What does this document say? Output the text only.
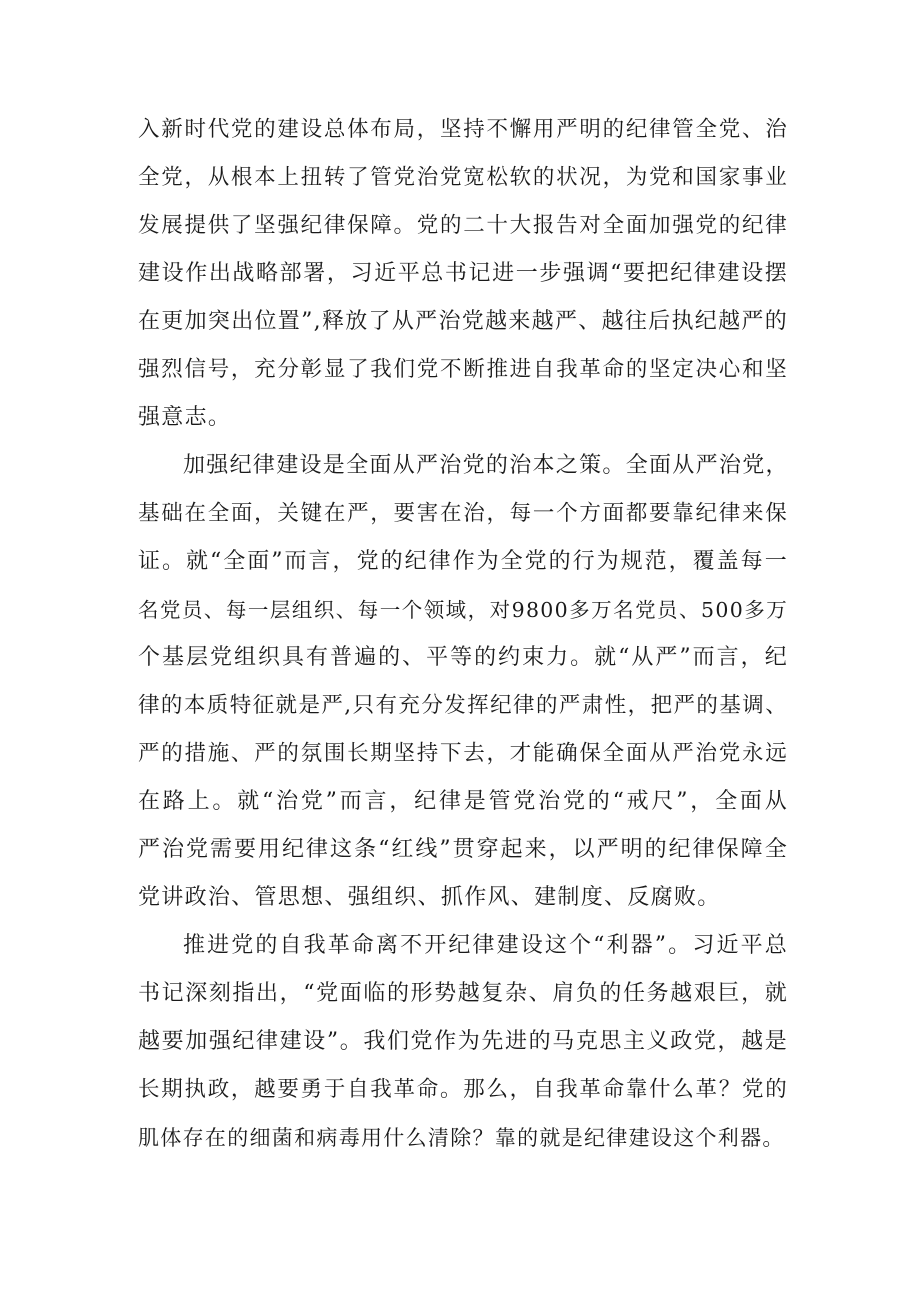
入新时代党的建设总体布局，坚持不懈用严明的纪律管全党、治
全党，从根本上扭转了管党治党宽松软的状况，为党和国家事业
发展提供了坚强纪律保障。党的二十大报告对全面加强党的纪律
建设作出战略部署，习近平总书记进一步强调“要把纪律建设摆
在更加突出位置”,释放了从严治党越来越严、越往后执纪越严的
强烈信号，充分彰显了我们党不断推进自我革命的坚定决心和坚
强意志。
加强纪律建设是全面从严治党的治本之策。全面从严治党，
基础在全面，关键在严，要害在治，每一个方面都要靠纪律来保
证。就“全面”而言，党的纪律作为全党的行为规范，覆盖每一
名党员、每一层组织、每一个领域，对9800多万名党员、500多万
个基层党组织具有普遍的、平等的约束力。就“从严”而言，纪
律的本质特征就是严,只有充分发挥纪律的严肃性，把严的基调、
严的措施、严的氛围长期坚持下去，才能确保全面从严治党永远
在路上。就“治党”而言，纪律是管党治党的“戒尺”，全面从
严治党需要用纪律这条“红线”贯穿起来，以严明的纪律保障全
党讲政治、管思想、强组织、抓作风、建制度、反腐败。
推进党的自我革命离不开纪律建设这个“利器”。习近平总
书记深刻指出，“党面临的形势越复杂、肩负的任务越艰巨，就
越要加强纪律建设”。我们党作为先进的马克思主义政党，越是
长期执政，越要勇于自我革命。那么，自我革命靠什么革？党的
肌体存在的细菌和病毒用什么清除？靠的就是纪律建设这个利器。
